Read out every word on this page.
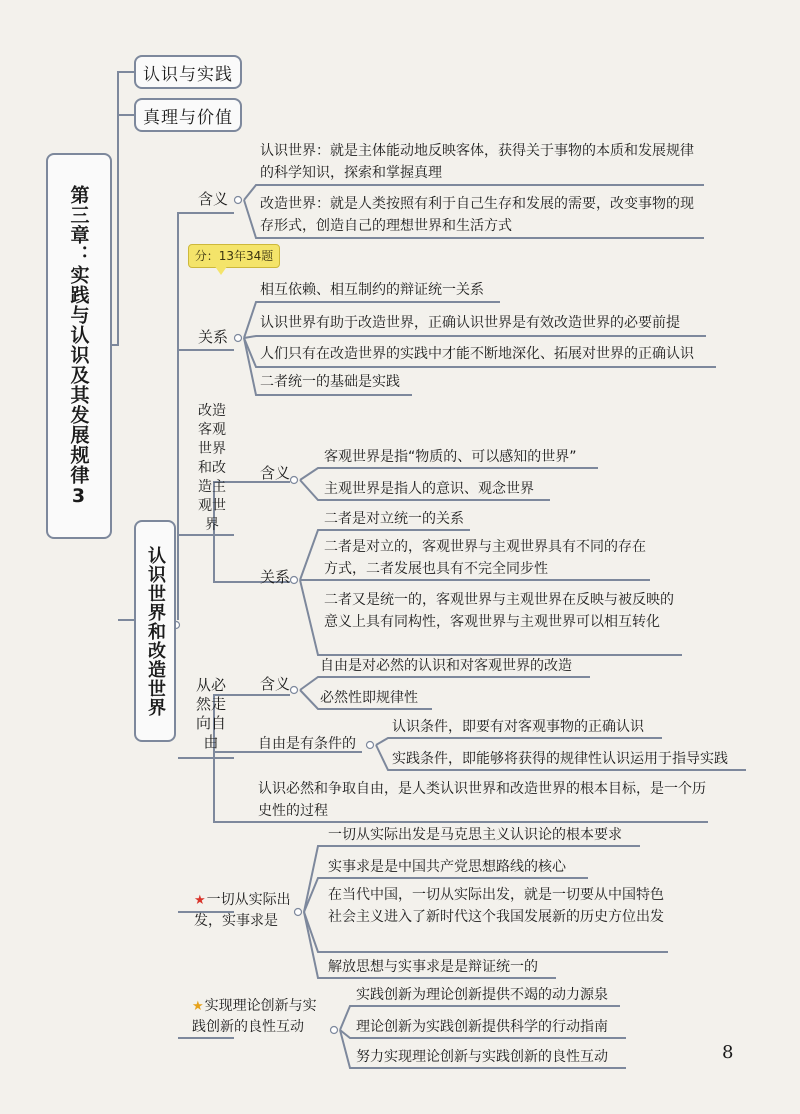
第三章：实践与认识及其发展规律3
认识与实践
真理与价值
认识世界和改造世界
含义
认识世界：就是主体能动地反映客体，获得关于事物的本质和发展规律的科学知识，探索和掌握真理
改造世界：就是人类按照有利于自己生存和发展的需要，改变事物的现存形式，创造自己的理想世界和生活方式
分：13年34题
关系
相互依赖、相互制约的辩证统一关系
认识世界有助于改造世界，正确认识世界是有效改造世界的必要前提
人们只有在改造世界的实践中才能不断地深化、拓展对世界的正确认识
二者统一的基础是实践
改造客观世界和改造主观世界
含义
客观世界是指“物质的、可以感知的世界”
主观世界是指人的意识、观念世界
关系
二者是对立统一的关系
二者是对立的，客观世界与主观世界具有不同的存在方式，二者发展也具有不完全同步性
二者又是统一的，客观世界与主观世界在反映与被反映的意义上具有同构性，客观世界与主观世界可以相互转化
从必然走向自由
含义
自由是对必然的认识和对客观世界的改造
必然性即规律性
自由是有条件的
认识条件，即要有对客观事物的正确认识
实践条件，即能够将获得的规律性认识运用于指导实践
认识必然和争取自由，是人类认识世界和改造世界的根本目标，是一个历史性的过程
★一切从实际出发，实事求是
一切从实际出发是马克思主义认识论的根本要求
实事求是是中国共产党思想路线的核心
在当代中国，一切从实际出发，就是一切要从中国特色社会主义进入了新时代这个我国发展新的历史方位出发
解放思想与实事求是是辩证统一的
★实现理论创新与实践创新的良性互动
实践创新为理论创新提供不竭的动力源泉
理论创新为实践创新提供科学的行动指南
努力实现理论创新与实践创新的良性互动	8
